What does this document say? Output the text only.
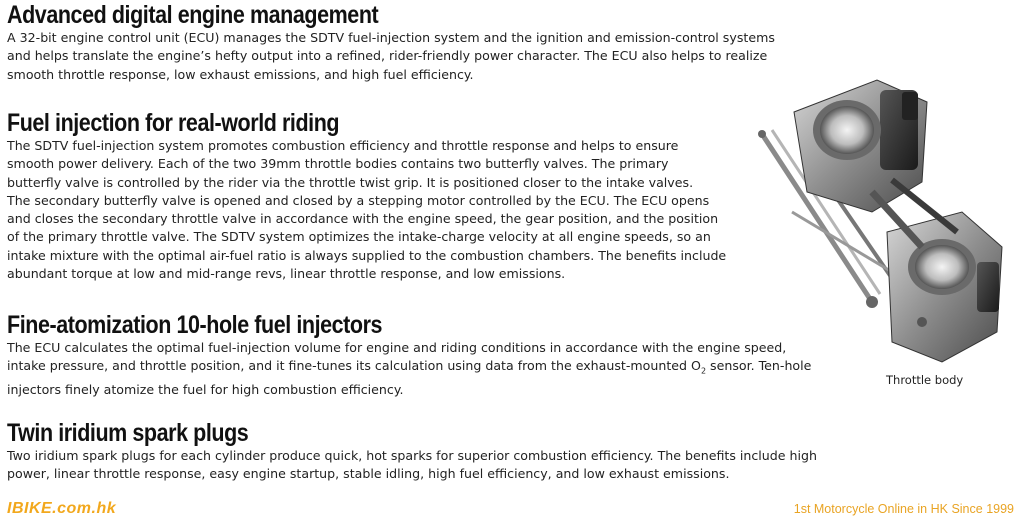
Advanced digital engine management

A 32-bit engine control unit (ECU) manages the SDTV fuel-injection system and the ignition and emission-control systems
and helps translate the engine’s hefty output into a refined, rider-friendly power character. The ECU also helps to realize
smooth throttle response, low exhaust emissions, and high fuel efficiency.

Fuel injection for real-world riding

The SDTV fuel-injection system promotes combustion efficiency and throttle response and helps to ensure
smooth power delivery. Each of the two 39mm throttle bodies contains two butterfly valves. The primary
butterfly valve is controlled by the rider via the throttle twist grip. It is positioned closer to the intake valves.
The secondary butterfly valve is opened and closed by a stepping motor controlled by the ECU. The ECU opens
and closes the secondary throttle valve in accordance with the engine speed, the gear position, and the position
of the primary throttle valve. The SDTV system optimizes the intake-charge velocity at all engine speeds, so an
intake mixture with the optimal air-fuel ratio is always supplied to the combustion chambers. The benefits include
abundant torque at low and mid-range revs, linear throttle response, and low emissions.

Fine-atomization 10-hole fuel injectors

The ECU calculates the optimal fuel-injection volume for engine and riding conditions in accordance with the engine speed,
intake pressure, and throttle position, and it fine-tunes its calculation using data from the exhaust-mounted $O_2$ sensor. Ten-hole
injectors finely atomize the fuel for high combustion efficiency.

Twin iridium spark plugs

Two iridium spark plugs for each cylinder produce quick, hot sparks for superior combustion efficiency. The benefits include high
power, linear throttle response, easy engine startup, stable idling, high fuel efficiency, and low exhaust emissions.

Throttle body
IBIKE.com.hk	1st Motorcycle Online in HK Since 1999
